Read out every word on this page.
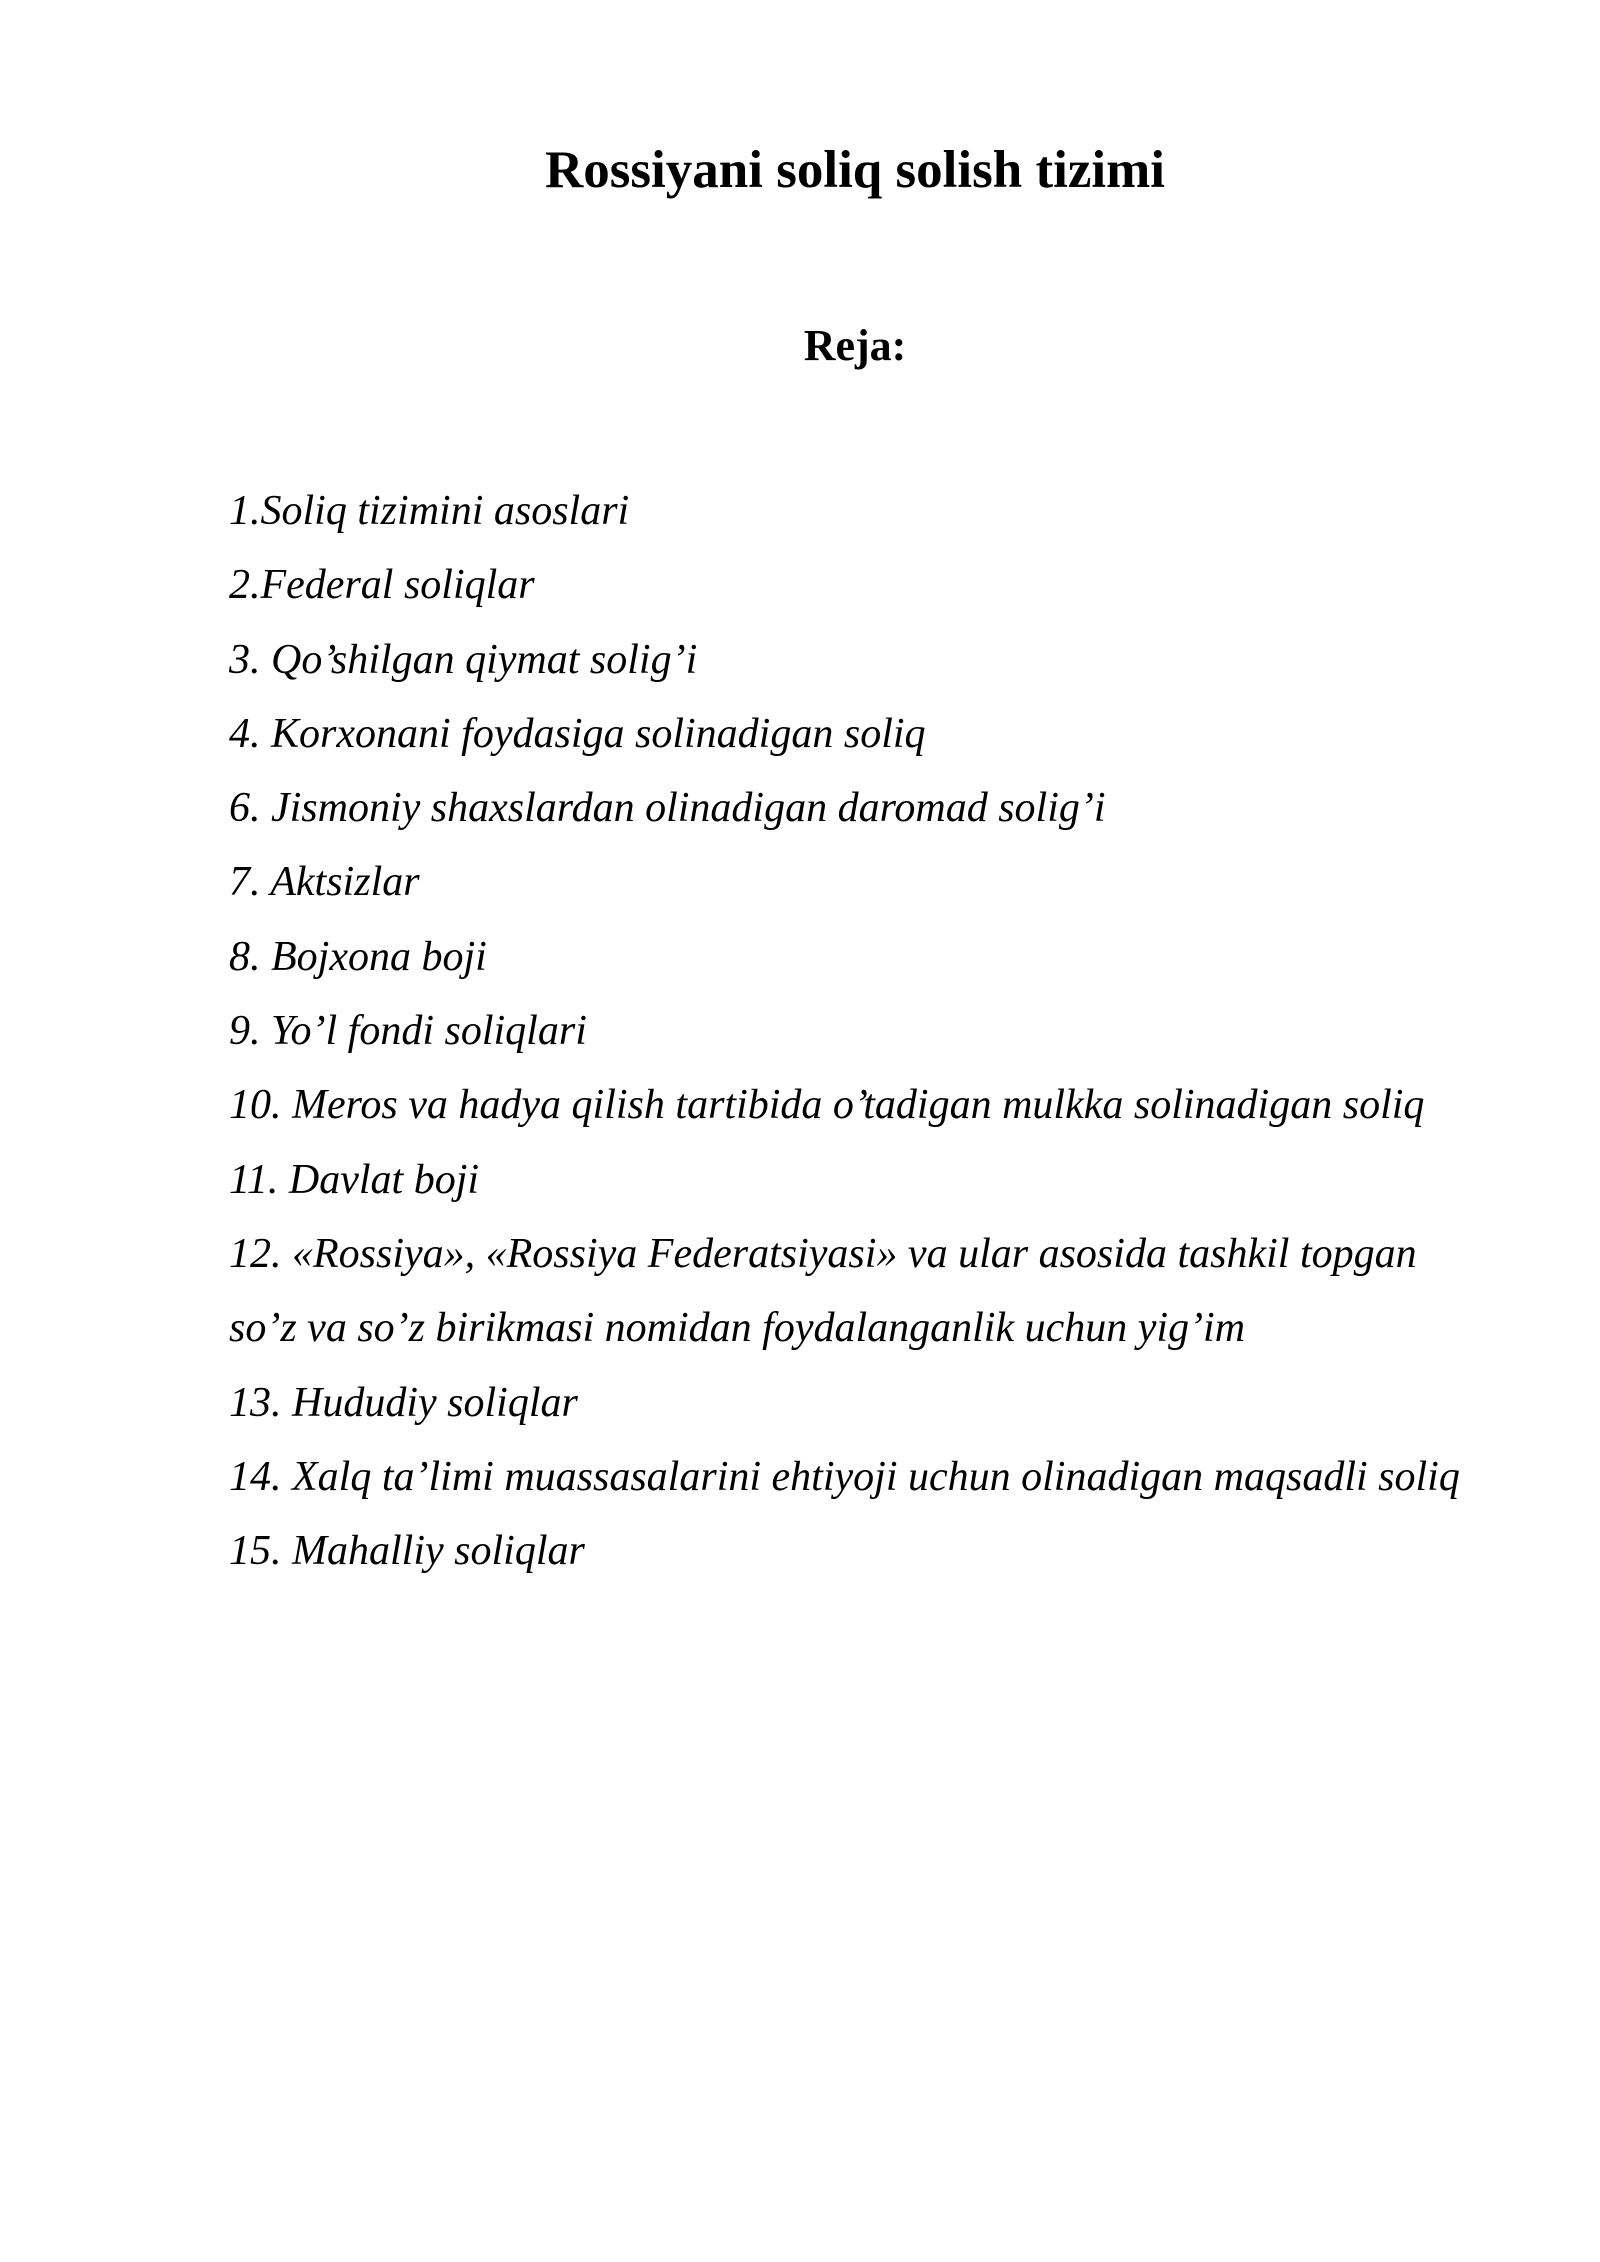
Rossiyani soliq solish tizimi
Reja:
1.Soliq tizimini asoslari
2.Federal soliqlar
3. Qo’shilgan qiymat solig’i
4. Korxonani foydasiga solinadigan soliq
6. Jismoniy shaxslardan olinadigan daromad solig’i
7. Aktsizlar
8. Bojxona boji
9. Yo’l fondi soliqlari
10. Meros va hadya qilish tartibida o’tadigan mulkka solinadigan soliq
11. Davlat boji
12. «Rossiya», «Rossiya Federatsiyasi» va ular asosida tashkil topgan so’z va so’z birikmasi nomidan foydalanganlik uchun yig’im
13. Hududiy soliqlar
14. Xalq ta’limi muassasalarini ehtiyoji uchun olinadigan maqsadli soliq
15. Mahalliy soliqlar
